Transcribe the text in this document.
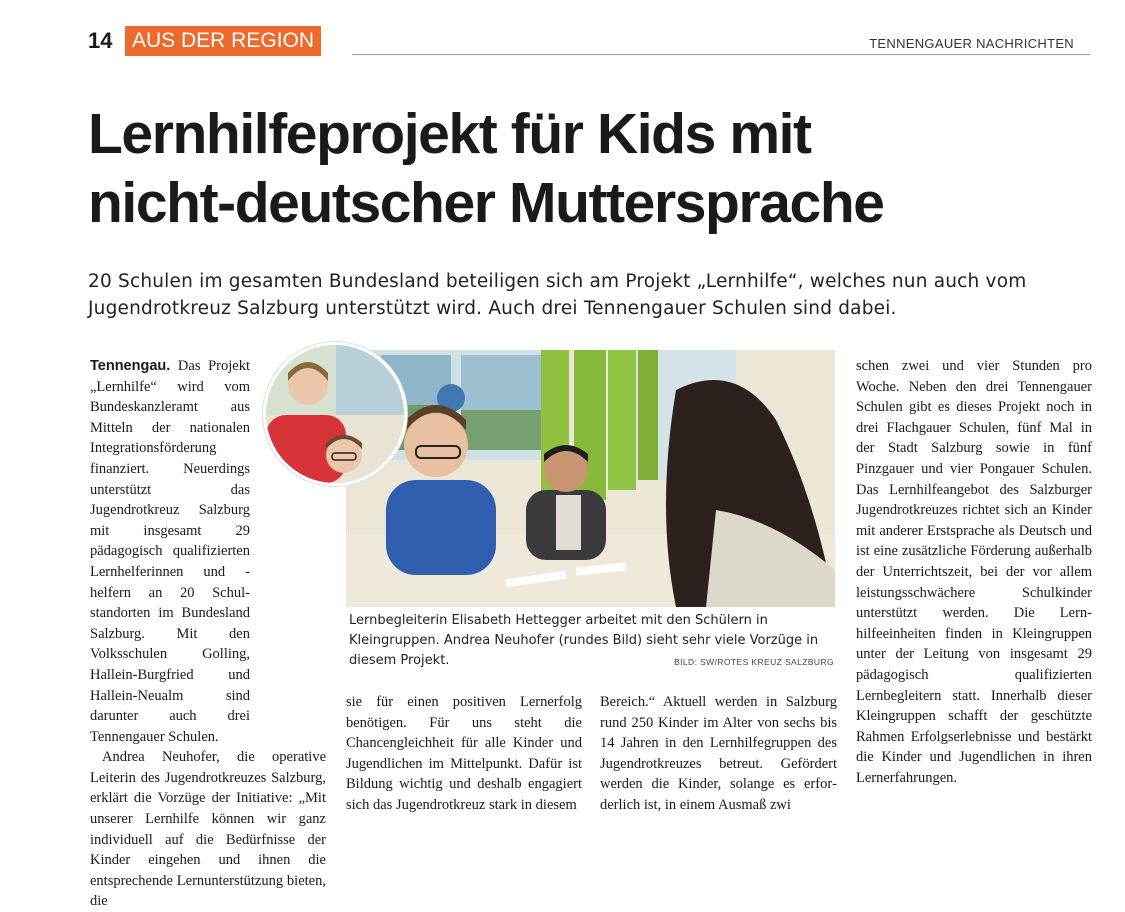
14 AUS DER REGION	TENNENGAUER NACHRICHTEN
Lernhilfeprojekt für Kids mit
nicht-deutscher Muttersprache
20 Schulen im gesamten Bundesland beteiligen sich am Projekt „Lernhilfe“, welches nun auch vom
Jugendrotkreuz Salzburg unterstützt wird. Auch drei Tennengauer Schulen sind dabei.
Lernbegleiterin Elisabeth Hettegger arbeitet mit den Schülern in Kleingruppen. Andrea Neuhofer (rundes Bild) sieht sehr viele Vorzüge in diesem Projekt.	BILD: SW/ROTES KREUZ SALZBURG

Tennengau. Das Projekt „Lernhilfe“ wird vom Bundeskanzleramt aus Mitteln der nationalen Integrationsförderung finanziert. Neuerdings unterstützt das Jugendrotkreuz Salzburg mit insgesamt 29 pädagogisch qualifizierten Lernhelferinnen und -helfern an 20 Schulstandorten im Bundesland Salzburg. Mit den Volksschulen Golling, Hallein-Burgfried und Hallein-Neualm sind darunter auch drei Tennengauer Schulen.

Andrea Neuhofer, die operative Leiterin des Jugendrotkreuzes Salzburg, erklärt die Vorzüge der Initiative: „Mit unserer Lernhilfe können wir ganz individuell auf die Bedürfnisse der Kinder eingehen und ihnen die entsprechende Lernunterstützung bieten, die

sie für einen positiven Lernerfolg benötigen. Für uns steht die Chancengleichheit für alle Kinder und Jugendlichen im Mittelpunkt. Dafür ist Bildung wichtig und deshalb engagiert sich das Jugendrotkreuz stark in diesem

Bereich.“ Aktuell werden in Salzburg rund 250 Kinder im Alter von sechs bis 14 Jahren in den Lernhilfegruppen des Jugendrotkreuzes betreut. Gefördert werden die Kinder, solange es erforderlich ist, in einem Ausmaß zwi

schen zwei und vier Stunden pro Woche. Neben den drei Tennengauer Schulen gibt es dieses Projekt noch in drei Flachgauer Schulen, fünf Mal in der Stadt Salzburg sowie in fünf Pinzgauer und vier Pongauer Schulen. Das Lernhilfeangebot des Salzburger Jugendrotkreuzes richtet sich an Kinder mit anderer Erstsprache als Deutsch und ist eine zusätzliche Förderung außerhalb der Unterrichtszeit, bei der vor allem leistungsschwächere Schulkinder unterstützt werden. Die Lernhilfeeinheiten finden in Kleingruppen unter der Leitung von insgesamt 29 pädagogisch qualifizierten Lernbegleitern statt. Innerhalb dieser Kleingruppen schafft der geschützte Rahmen Erfolgserlebnisse und bestärkt die Kinder und Jugendlichen in ihren Lernerfahrungen.
